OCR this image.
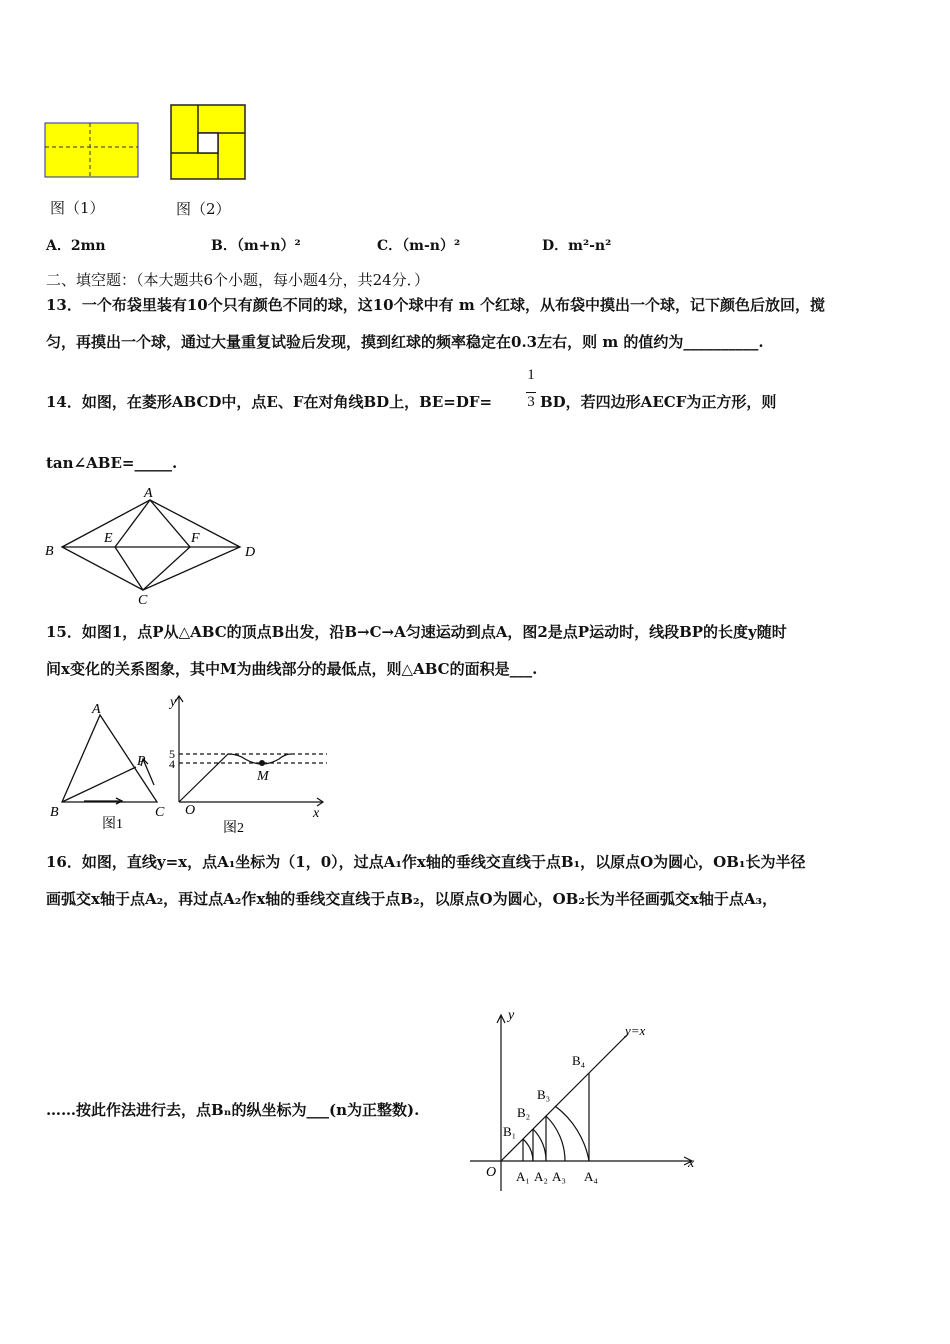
图（1）	图（2）
A．2mn	B．（m+n）²	C．（m-n）²	D．m²-n²
二、填空题：（本大题共6个小题，每小题4分，共24分．）
13．一个布袋里装有10个只有颜色不同的球，这10个球中有 m 个红球，从布袋中摸出一个球，记下颜色后放回，搅
匀，再摸出一个球，通过大量重复试验后发现，摸到红球的频率稳定在0.3左右，则 m 的值约为__________.
14．如图，在菱形ABCD中，点E、F在对角线BD上，BE=DF=
1
3 BD，若四边形AECF为正方形，则
tan∠ABE=_____.
A
B
C
D
E	F
15．如图1，点P从△ABC的顶点B出发，沿B→C→A匀速运动到点A，图2是点P运动时，线段BP的长度y随时
间x变化的关系图象，其中M为曲线部分的最低点，则△ABC的面积是___.
A
B	C
P
图1
y
x
O
M
5
4
图2
16．如图，直线y=x，点A₁坐标为（1，0），过点A₁作x轴的垂线交直线于点B₁，以原点O为圆心，OB₁长为半径
画弧交x轴于点A₂，再过点A₂作x轴的垂线交直线于点B₂，以原点O为圆心，OB₂长为半径画弧交x轴于点A₃，
……按此作法进行去，点Bₙ的纵坐标为___(n为正整数).
y
x
O
y=x
A₁ A₂ A₃ A₄
B₁
B₂
B₃
B₄
